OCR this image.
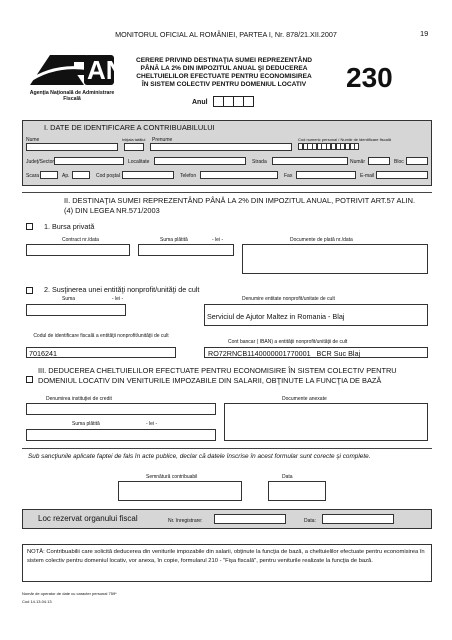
MONITORUL OFICIAL AL ROMÂNIEI, PARTEA I, Nr. 878/21.XII.2007	19
ANAF
Agenţia Naţională de Administrare Fiscală
CERERE PRIVIND DESTINAŢIA SUMEI REPREZENTÂND PÂNĂ LA 2% DIN IMPOZITUL ANUAL ŞI DEDUCEREA CHELTUIELILOR EFECTUATE PENTRU ECONOMISIREA ÎN SISTEM COLECTIV PENTRU DOMENIUL LOCATIV 230
Anul
I. DATE DE IDENTIFICARE A CONTRIBUABILULUI
Nume	Iniţiala tatălui Prenume	Cod numeric personal / Număr de identificare fiscală
Judeţ/Sector	Localitate	Strada	Număr	Bloc
Scara	Ap.	Cod poştal	Telefon	Fax	E-mail
II. DESTINAŢIA SUMEI REPREZENTÂND PÂNĂ LA 2% DIN IMPOZITUL ANUAL, POTRIVIT ART.57 ALIN.(4) DIN LEGEA NR.571/2003
1. Bursa privată
Contract nr./data	Suma plătită	- lei -	Documente de plată nr./data
2. Susţinerea unei entităţi nonprofit/unităţi de cult
Suma	- lei -	Denumire entitate nonprofit/unitate de cult
Serviciul de Ajutor Maltez in Romania - Blaj
Codul de identificare fiscală a entităţii nonprofit/unităţii de cult
Cont bancar ( IBAN) a entităţii nonprofit/unităţii de cult
7016241	RO72RNCB1140000001770001   BCR Suc Blaj
III. DEDUCEREA CHELTUIELILOR EFECTUATE PENTRU ECONOMISIRE ÎN SISTEM COLECTIV PENTRU DOMENIUL LOCATIV DIN VENITURILE IMPOZABILE DIN SALARII, OBŢINUTE LA FUNCŢIA DE BAZĂ
Denumirea instituţiei de credit	Documente anexate
Suma plătită	- lei -
Sub sancţiunile aplicate faptei de fals în acte publice, declar că datele înscrise în acest formular sunt corecte şi complete.
Semnătură contribuabil	Data
Loc rezervat organului fiscal	Nr. înregistrare:	Data:
NOTĂ: Contribuabilii care solicită deducerea din veniturile impozabile din salarii, obţinute la funcţia de bază, a cheltuielilor efectuate pentru economisirea în sistem colectiv pentru domeniul locativ, vor anexa, în copie, formularul 210 - "Fişa fiscală", pentru veniturile realizate la funcţia de bază.
Număr de operator de date cu caracter personal 759*
Cod 14.13.04.13
